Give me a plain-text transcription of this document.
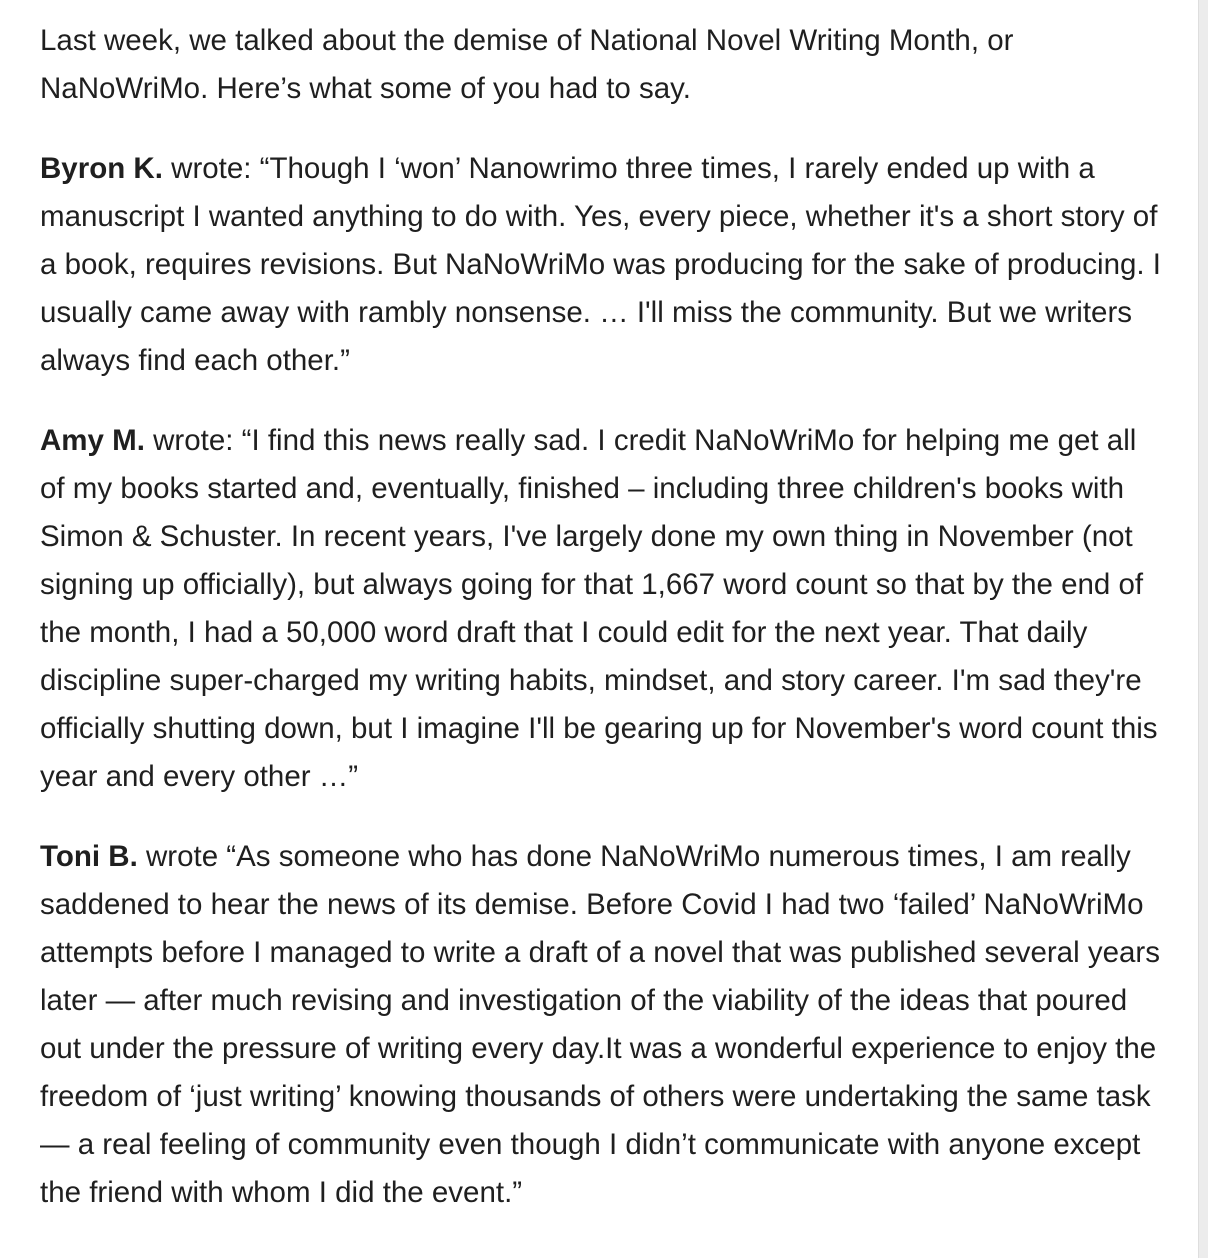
Last week, we talked about the demise of National Novel Writing Month, or NaNoWriMo. Here’s what some of you had to say.

Byron K. wrote: “Though I ‘won’ Nanowrimo three times, I rarely ended up with a manuscript I wanted anything to do with. Yes, every piece, whether it's a short story of a book, requires revisions. But NaNoWriMo was producing for the sake of producing. I usually came away with rambly nonsense. … I'll miss the community. But we writers always find each other.”

Amy M. wrote: “I find this news really sad. I credit NaNoWriMo for helping me get all of my books started and, eventually, finished – including three children's books with Simon & Schuster. In recent years, I've largely done my own thing in November (not signing up officially), but always going for that 1,667 word count so that by the end of the month, I had a 50,000 word draft that I could edit for the next year. That daily discipline super-charged my writing habits, mindset, and story career. I'm sad they're officially shutting down, but I imagine I'll be gearing up for November's word count this year and every other …”

Toni B. wrote “As someone who has done NaNoWriMo numerous times, I am really saddened to hear the news of its demise. Before Covid I had two ‘failed’ NaNoWriMo attempts before I managed to write a draft of a novel that was published several years later — after much revising and investigation of the viability of the ideas that poured out under the pressure of writing every day.It was a wonderful experience to enjoy the freedom of ‘just writing’ knowing thousands of others were undertaking the same task — a real feeling of community even though I didn’t communicate with anyone except the friend with whom I did the event.”
